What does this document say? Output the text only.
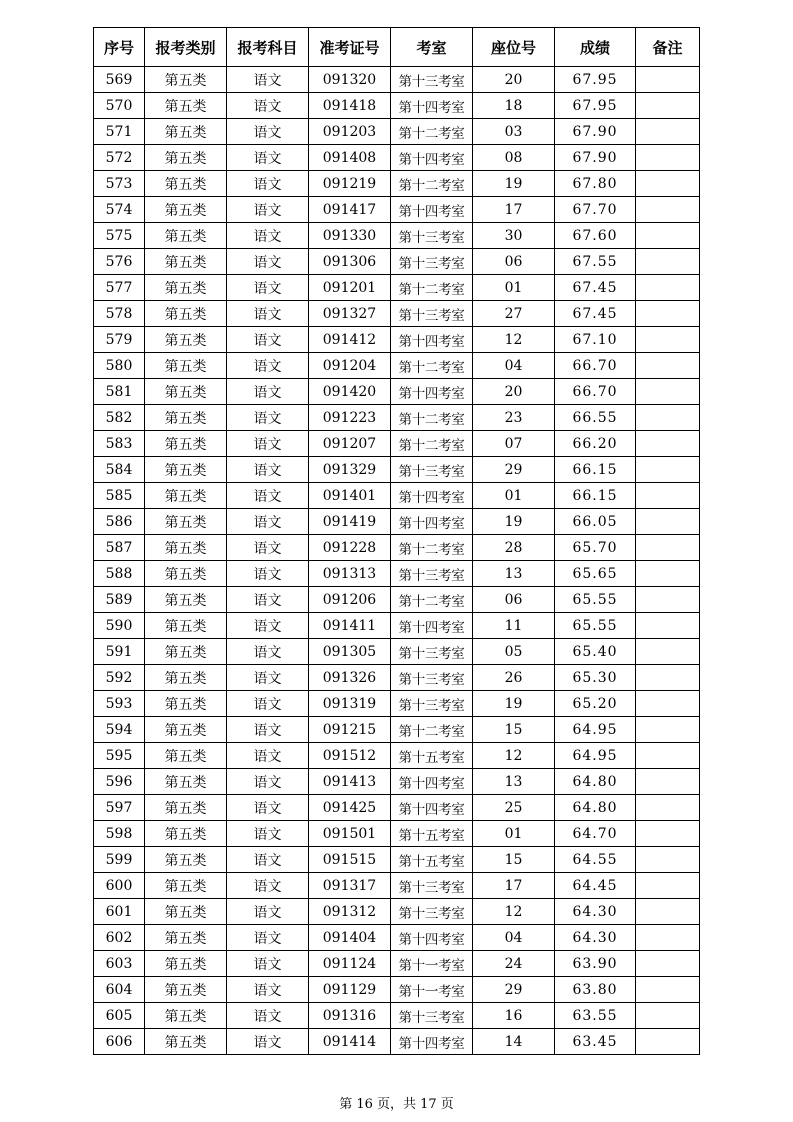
序号	报考类别	报考科目	准考证号	考室	座位号	成绩	备注
569	第五类	语文	091320	第十三考室	20	67.95	
570	第五类	语文	091418	第十四考室	18	67.95	
571	第五类	语文	091203	第十二考室	03	67.90	
572	第五类	语文	091408	第十四考室	08	67.90	
573	第五类	语文	091219	第十二考室	19	67.80	
574	第五类	语文	091417	第十四考室	17	67.70	
575	第五类	语文	091330	第十三考室	30	67.60	
576	第五类	语文	091306	第十三考室	06	67.55	
577	第五类	语文	091201	第十二考室	01	67.45	
578	第五类	语文	091327	第十三考室	27	67.45	
579	第五类	语文	091412	第十四考室	12	67.10	
580	第五类	语文	091204	第十二考室	04	66.70	
581	第五类	语文	091420	第十四考室	20	66.70	
582	第五类	语文	091223	第十二考室	23	66.55	
583	第五类	语文	091207	第十二考室	07	66.20	
584	第五类	语文	091329	第十三考室	29	66.15	
585	第五类	语文	091401	第十四考室	01	66.15	
586	第五类	语文	091419	第十四考室	19	66.05	
587	第五类	语文	091228	第十二考室	28	65.70	
588	第五类	语文	091313	第十三考室	13	65.65	
589	第五类	语文	091206	第十二考室	06	65.55	
590	第五类	语文	091411	第十四考室	11	65.55	
591	第五类	语文	091305	第十三考室	05	65.40	
592	第五类	语文	091326	第十三考室	26	65.30	
593	第五类	语文	091319	第十三考室	19	65.20	
594	第五类	语文	091215	第十二考室	15	64.95	
595	第五类	语文	091512	第十五考室	12	64.95	
596	第五类	语文	091413	第十四考室	13	64.80	
597	第五类	语文	091425	第十四考室	25	64.80	
598	第五类	语文	091501	第十五考室	01	64.70	
599	第五类	语文	091515	第十五考室	15	64.55	
600	第五类	语文	091317	第十三考室	17	64.45	
601	第五类	语文	091312	第十三考室	12	64.30	
602	第五类	语文	091404	第十四考室	04	64.30	
603	第五类	语文	091124	第十一考室	24	63.90	
604	第五类	语文	091129	第十一考室	29	63.80	
605	第五类	语文	091316	第十三考室	16	63.55	
606	第五类	语文	091414	第十四考室	14	63.45	
第 16 页，共 17 页
